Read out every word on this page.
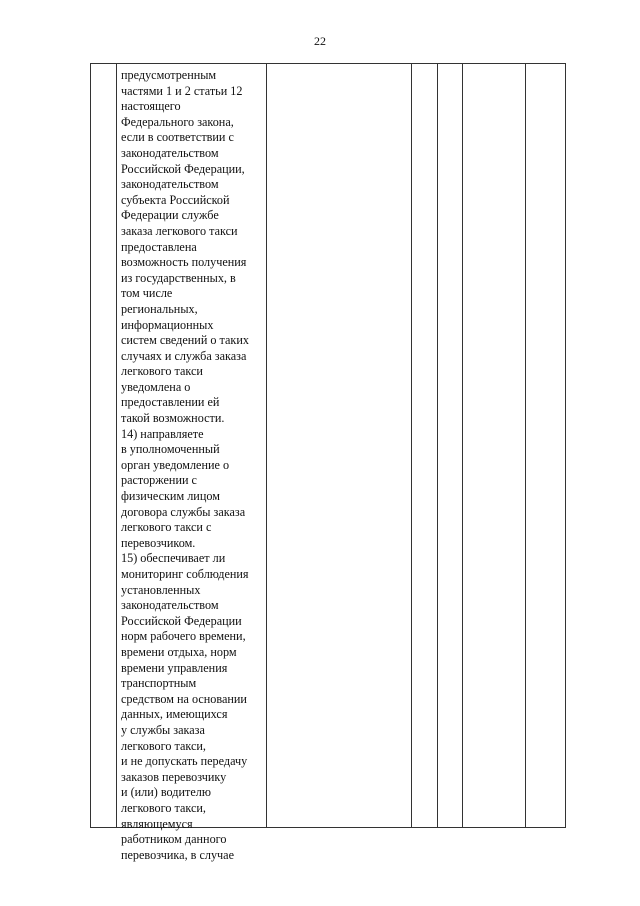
22
предусмотренным
частями 1 и 2 статьи 12
настоящего
Федерального закона,
если в соответствии с
законодательством
Российской Федерации,
законодательством
субъекта Российской
Федерации службе
заказа легкового такси
предоставлена
возможность получения
из государственных, в
том числе
региональных,
информационных
систем сведений о таких
случаях и служба заказа
легкового такси
уведомлена о
предоставлении ей
такой возможности.
14) направляете
в уполномоченный
орган уведомление о
расторжении с
физическим лицом
договора службы заказа
легкового такси с
перевозчиком.
15) обеспечивает ли
мониторинг соблюдения
установленных
законодательством
Российской Федерации
норм рабочего времени,
времени отдыха, норм
времени управления
транспортным
средством на основании
данных, имеющихся
у службы заказа
легкового такси,
и не допускать передачу
заказов перевозчику
и (или) водителю
легкового такси,
являющемуся
работником данного
перевозчика, в случае
